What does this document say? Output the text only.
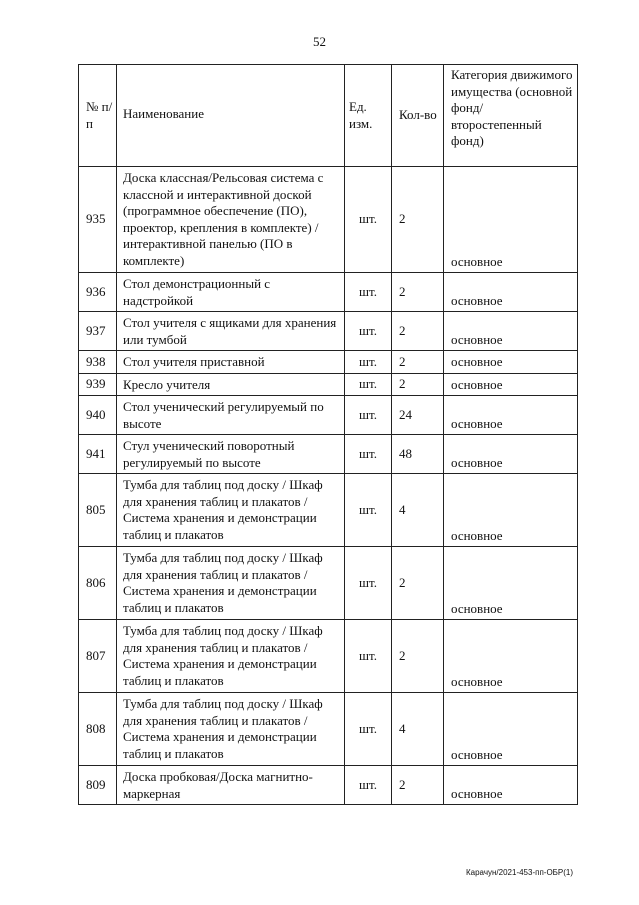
52
№ п/п	Наименование	Ед. изм.	Кол-во	Категория движимого имущества (основной фонд/ второстепенный фонд)
935	Доска классная/Рельсовая система с классной и интерактивной доской (программное обеспечение (ПО), проектор, крепления в комплекте) / интерактивной панелью (ПО в комплекте)	шт.	2	основное
936	Стол демонстрационный с надстройкой	шт.	2	основное
937	Стол учителя с ящиками для хранения или тумбой	шт.	2	основное
938	Стол учителя приставной	шт.	2	основное
939	Кресло учителя	шт.	2	основное
940	Стол ученический регулируемый по высоте	шт.	24	основное
941	Стул ученический поворотный регулируемый по высоте	шт.	48	основное
805	Тумба для таблиц под доску / Шкаф для хранения таблиц и плакатов / Система хранения и демонстрации таблиц и плакатов	шт.	4	основное
806	Тумба для таблиц под доску / Шкаф для хранения таблиц и плакатов / Система хранения и демонстрации таблиц и плакатов	шт.	2	основное
807	Тумба для таблиц под доску / Шкаф для хранения таблиц и плакатов / Система хранения и демонстрации таблиц и плакатов	шт.	2	основное
808	Тумба для таблиц под доску / Шкаф для хранения таблиц и плакатов / Система хранения и демонстрации таблиц и плакатов	шт.	4	основное
809	Доска пробковая/Доска магнитно-маркерная	шт.	2	основное
Карачун/2021-453-пп-ОБР(1)
